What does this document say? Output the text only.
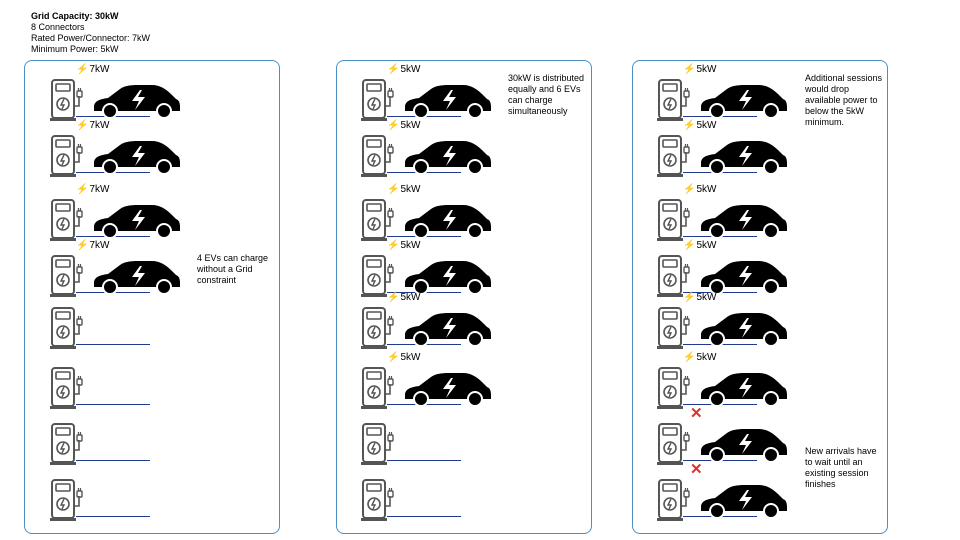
Grid Capacity: 30kW
8 Connectors
Rated Power/Connector: 7kW
Minimum Power: 5kW
4 EVs can charge without a Grid constraint
30kW is distributed equally and 6 EVs can charge simultaneously
Additional sessions would drop available power to below the 5kW minimum.
New arrivals have to wait until an existing session finishes
⚡7kW
⚡7kW
⚡7kW
⚡7kW
⚡5kW
⚡5kW
⚡5kW
⚡5kW
⚡5kW
⚡5kW
⚡5kW
⚡5kW
⚡5kW
⚡5kW
⚡5kW
⚡5kW
✕
✕
